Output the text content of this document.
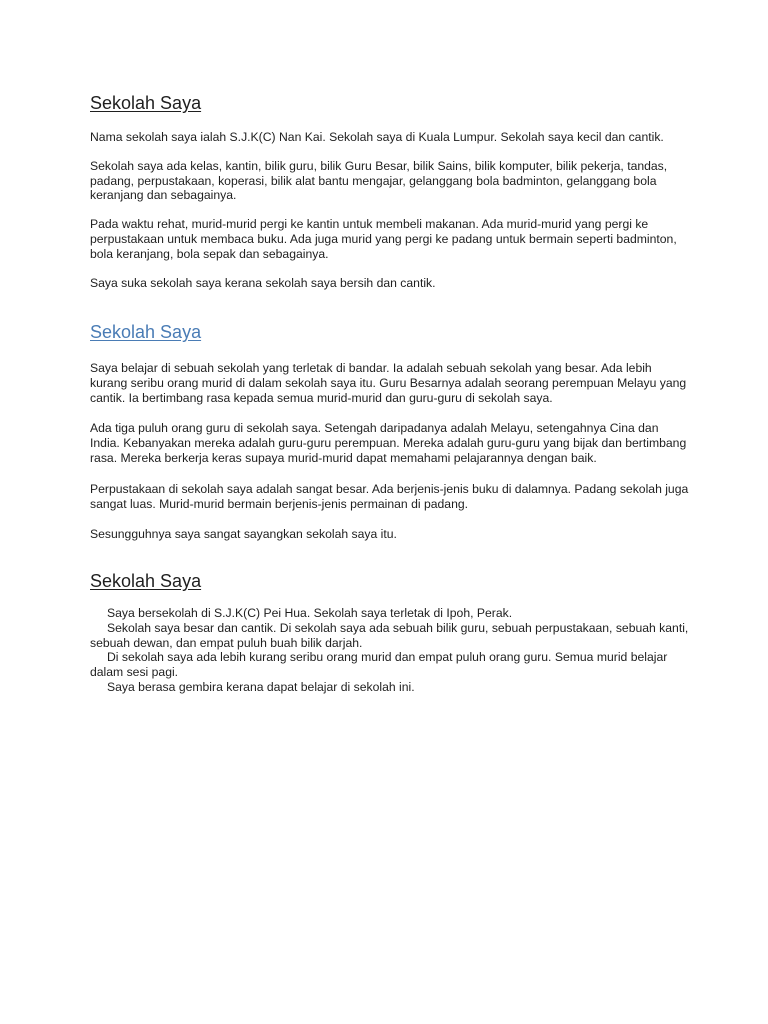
Sekolah Saya

Nama sekolah saya ialah S.J.K(C) Nan Kai. Sekolah saya di Kuala Lumpur. Sekolah saya kecil dan cantik.

Sekolah saya ada kelas, kantin, bilik guru, bilik Guru Besar, bilik Sains, bilik komputer, bilik pekerja, tandas, padang, perpustakaan, koperasi, bilik alat bantu mengajar, gelanggang bola badminton, gelanggang bola keranjang dan sebagainya.

Pada waktu rehat, murid-murid pergi ke kantin untuk membeli makanan. Ada murid-murid yang pergi ke perpustakaan untuk membaca buku. Ada juga murid yang pergi ke padang untuk bermain seperti badminton, bola keranjang, bola sepak dan sebagainya.

Saya suka sekolah saya kerana sekolah saya bersih dan cantik.

Sekolah Saya

Saya belajar di sebuah sekolah yang terletak di bandar. Ia adalah sebuah sekolah yang besar. Ada lebih kurang seribu orang murid di dalam sekolah saya itu. Guru Besarnya adalah seorang perempuan Melayu yang cantik. Ia bertimbang rasa kepada semua murid-murid dan guru-guru di sekolah saya.

Ada tiga puluh orang guru di sekolah saya. Setengah daripadanya adalah Melayu, setengahnya Cina dan India. Kebanyakan mereka adalah guru-guru perempuan. Mereka adalah guru-guru yang bijak dan bertimbang rasa. Mereka berkerja keras supaya murid-murid dapat memahami pelajarannya dengan baik.

Perpustakaan di sekolah saya adalah sangat besar. Ada berjenis-jenis buku di dalamnya. Padang sekolah juga sangat luas. Murid-murid bermain berjenis-jenis permainan di padang.

Sesungguhnya saya sangat sayangkan sekolah saya itu.

Sekolah Saya

Saya bersekolah di S.J.K(C) Pei Hua. Sekolah saya terletak di Ipoh, Perak.

Sekolah saya besar dan cantik. Di sekolah saya ada sebuah bilik guru, sebuah perpustakaan, sebuah kanti, sebuah dewan, dan empat puluh buah bilik darjah.

Di sekolah saya ada lebih kurang seribu orang murid dan empat puluh orang guru. Semua murid belajar dalam sesi pagi.

Saya berasa gembira kerana dapat belajar di sekolah ini.
